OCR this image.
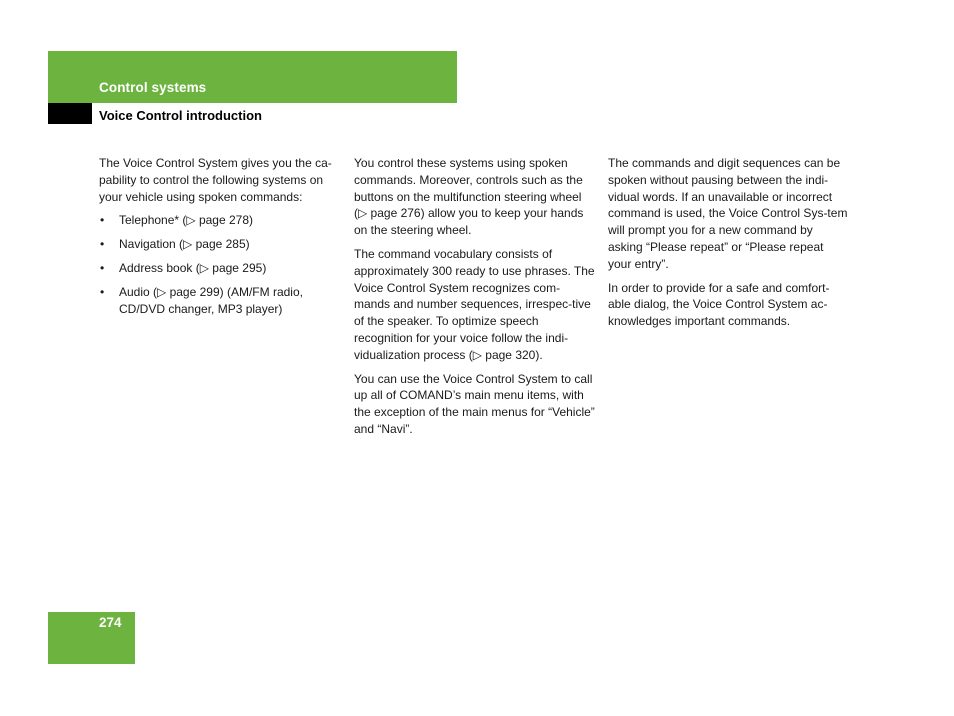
Control systems
Voice Control introduction

The Voice Control System gives you the ca-pability to control the following systems on your vehicle using spoken commands:

• Telephone* (▷ page 278)
• Navigation (▷ page 285)
• Address book (▷ page 295)
• Audio (▷ page 299) (AM/FM radio, CD/DVD changer, MP3 player)

You control these systems using spoken commands. Moreover, controls such as the buttons on the multifunction steering wheel (▷ page 276) allow you to keep your hands on the steering wheel.

The command vocabulary consists of approximately 300 ready to use phrases. The Voice Control System recognizes com-mands and number sequences, irrespec-tive of the speaker. To optimize speech recognition for your voice follow the indi-vidualization process (▷ page 320).

You can use the Voice Control System to call up all of COMAND’s main menu items, with the exception of the main menus for “Vehicle” and “Navi”.

The commands and digit sequences can be spoken without pausing between the indi-vidual words. If an unavailable or incorrect command is used, the Voice Control Sys-tem will prompt you for a new command by asking “Please repeat” or “Please repeat your entry”.

In order to provide for a safe and comfort-able dialog, the Voice Control System ac-knowledges important commands.

274
